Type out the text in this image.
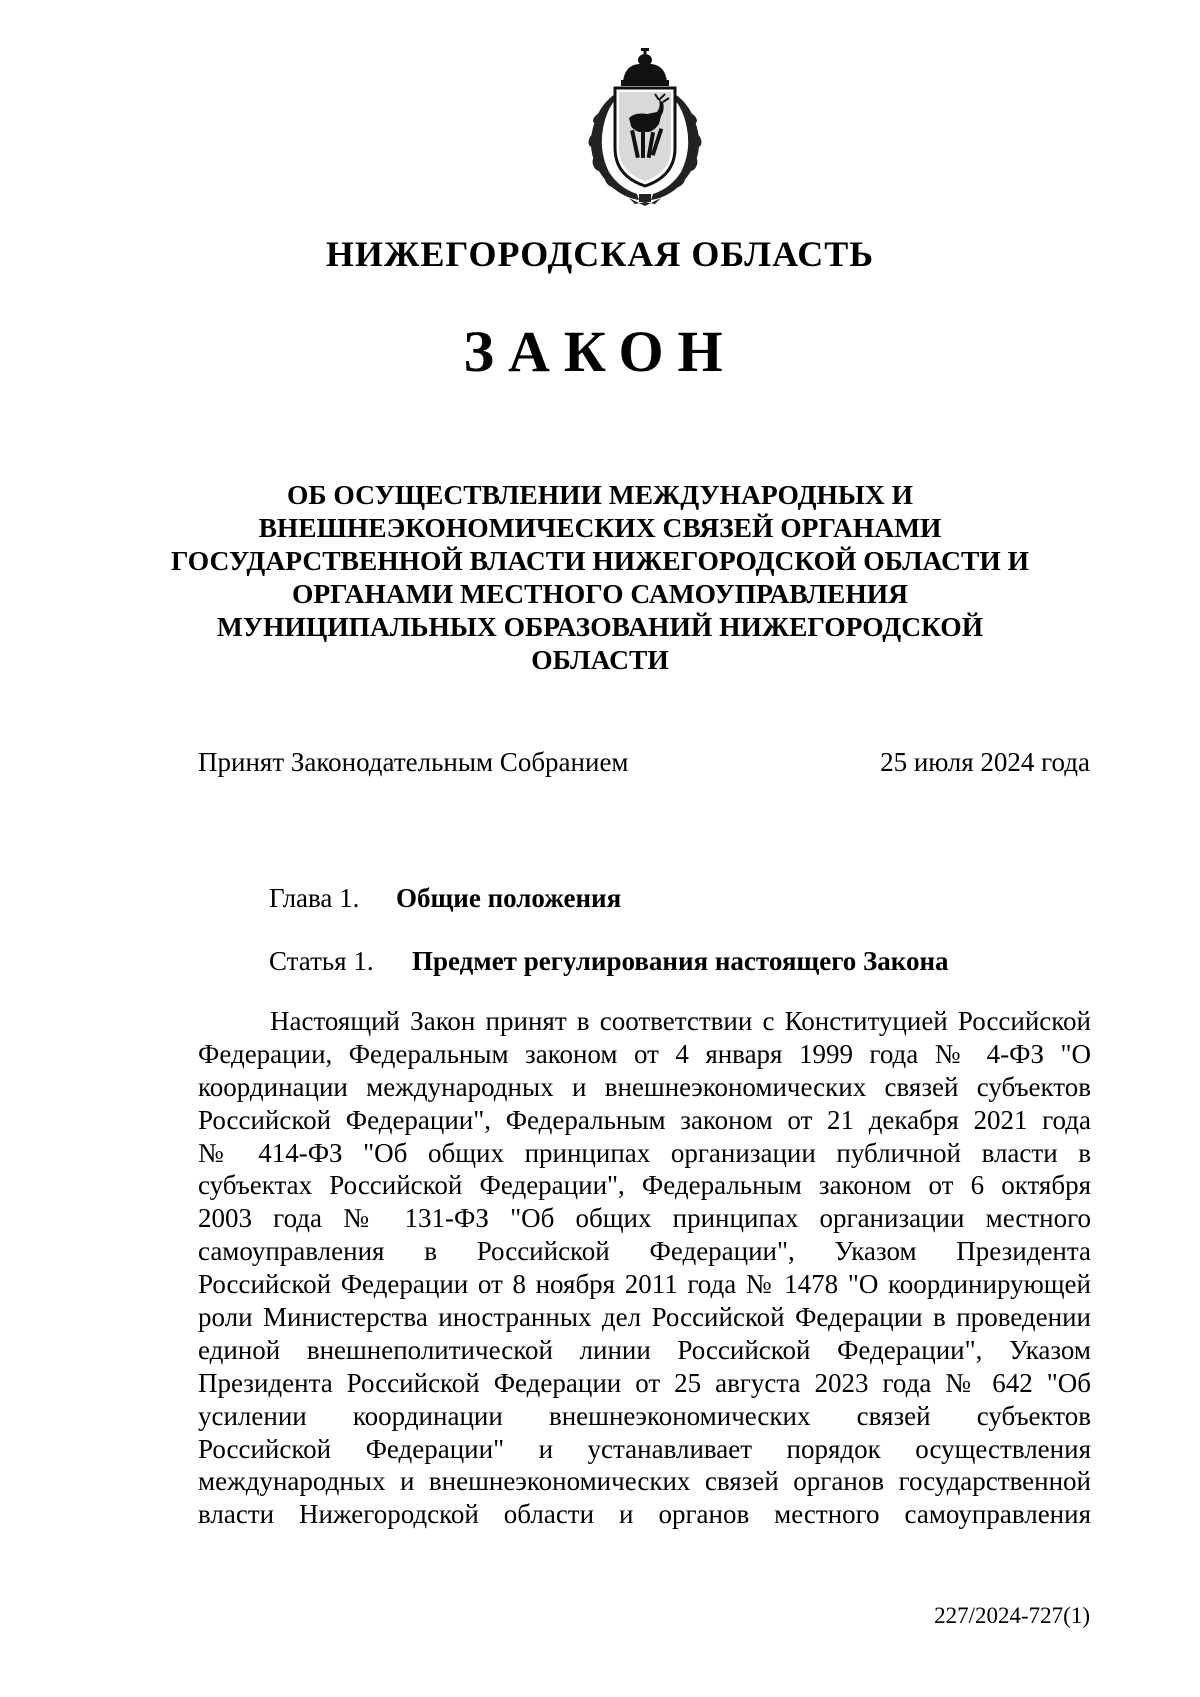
НИЖЕГОРОДСКАЯ ОБЛАСТЬ
ЗАКОН
ОБ ОСУЩЕСТВЛЕНИИ МЕЖДУНАРОДНЫХ И
ВНЕШНЕЭКОНОМИЧЕСКИХ СВЯЗЕЙ ОРГАНАМИ
ГОСУДАРСТВЕННОЙ ВЛАСТИ НИЖЕГОРОДСКОЙ ОБЛАСТИ И
ОРГАНАМИ МЕСТНОГО САМОУПРАВЛЕНИЯ
МУНИЦИПАЛЬНЫХ ОБРАЗОВАНИЙ НИЖЕГОРОДСКОЙ
ОБЛАСТИ
Принят Законодательным Собранием	25 июля 2024 года
Глава 1. Общие положения
Статья 1. Предмет регулирования настоящего Закона
Настоящий Закон принят в соответствии с Конституцией Российской
Федерации, Федеральным законом от 4 января 1999 года № 4-ФЗ "О
координации международных и внешнеэкономических связей субъектов
Российской Федерации", Федеральным законом от 21 декабря 2021 года
№ 414-ФЗ "Об общих принципах организации публичной власти в
субъектах Российской Федерации", Федеральным законом от 6 октября
2003 года № 131-ФЗ "Об общих принципах организации местного
самоуправления в Российской Федерации", Указом Президента
Российской Федерации от 8 ноября 2011 года № 1478 "О координирующей
роли Министерства иностранных дел Российской Федерации в проведении
единой внешнеполитической линии Российской Федерации", Указом
Президента Российской Федерации от 25 августа 2023 года № 642 "Об
усилении координации внешнеэкономических связей субъектов
Российской Федерации" и устанавливает порядок осуществления
международных и внешнеэкономических связей органов государственной
власти Нижегородской области и органов местного самоуправления
227/2024-727(1)
